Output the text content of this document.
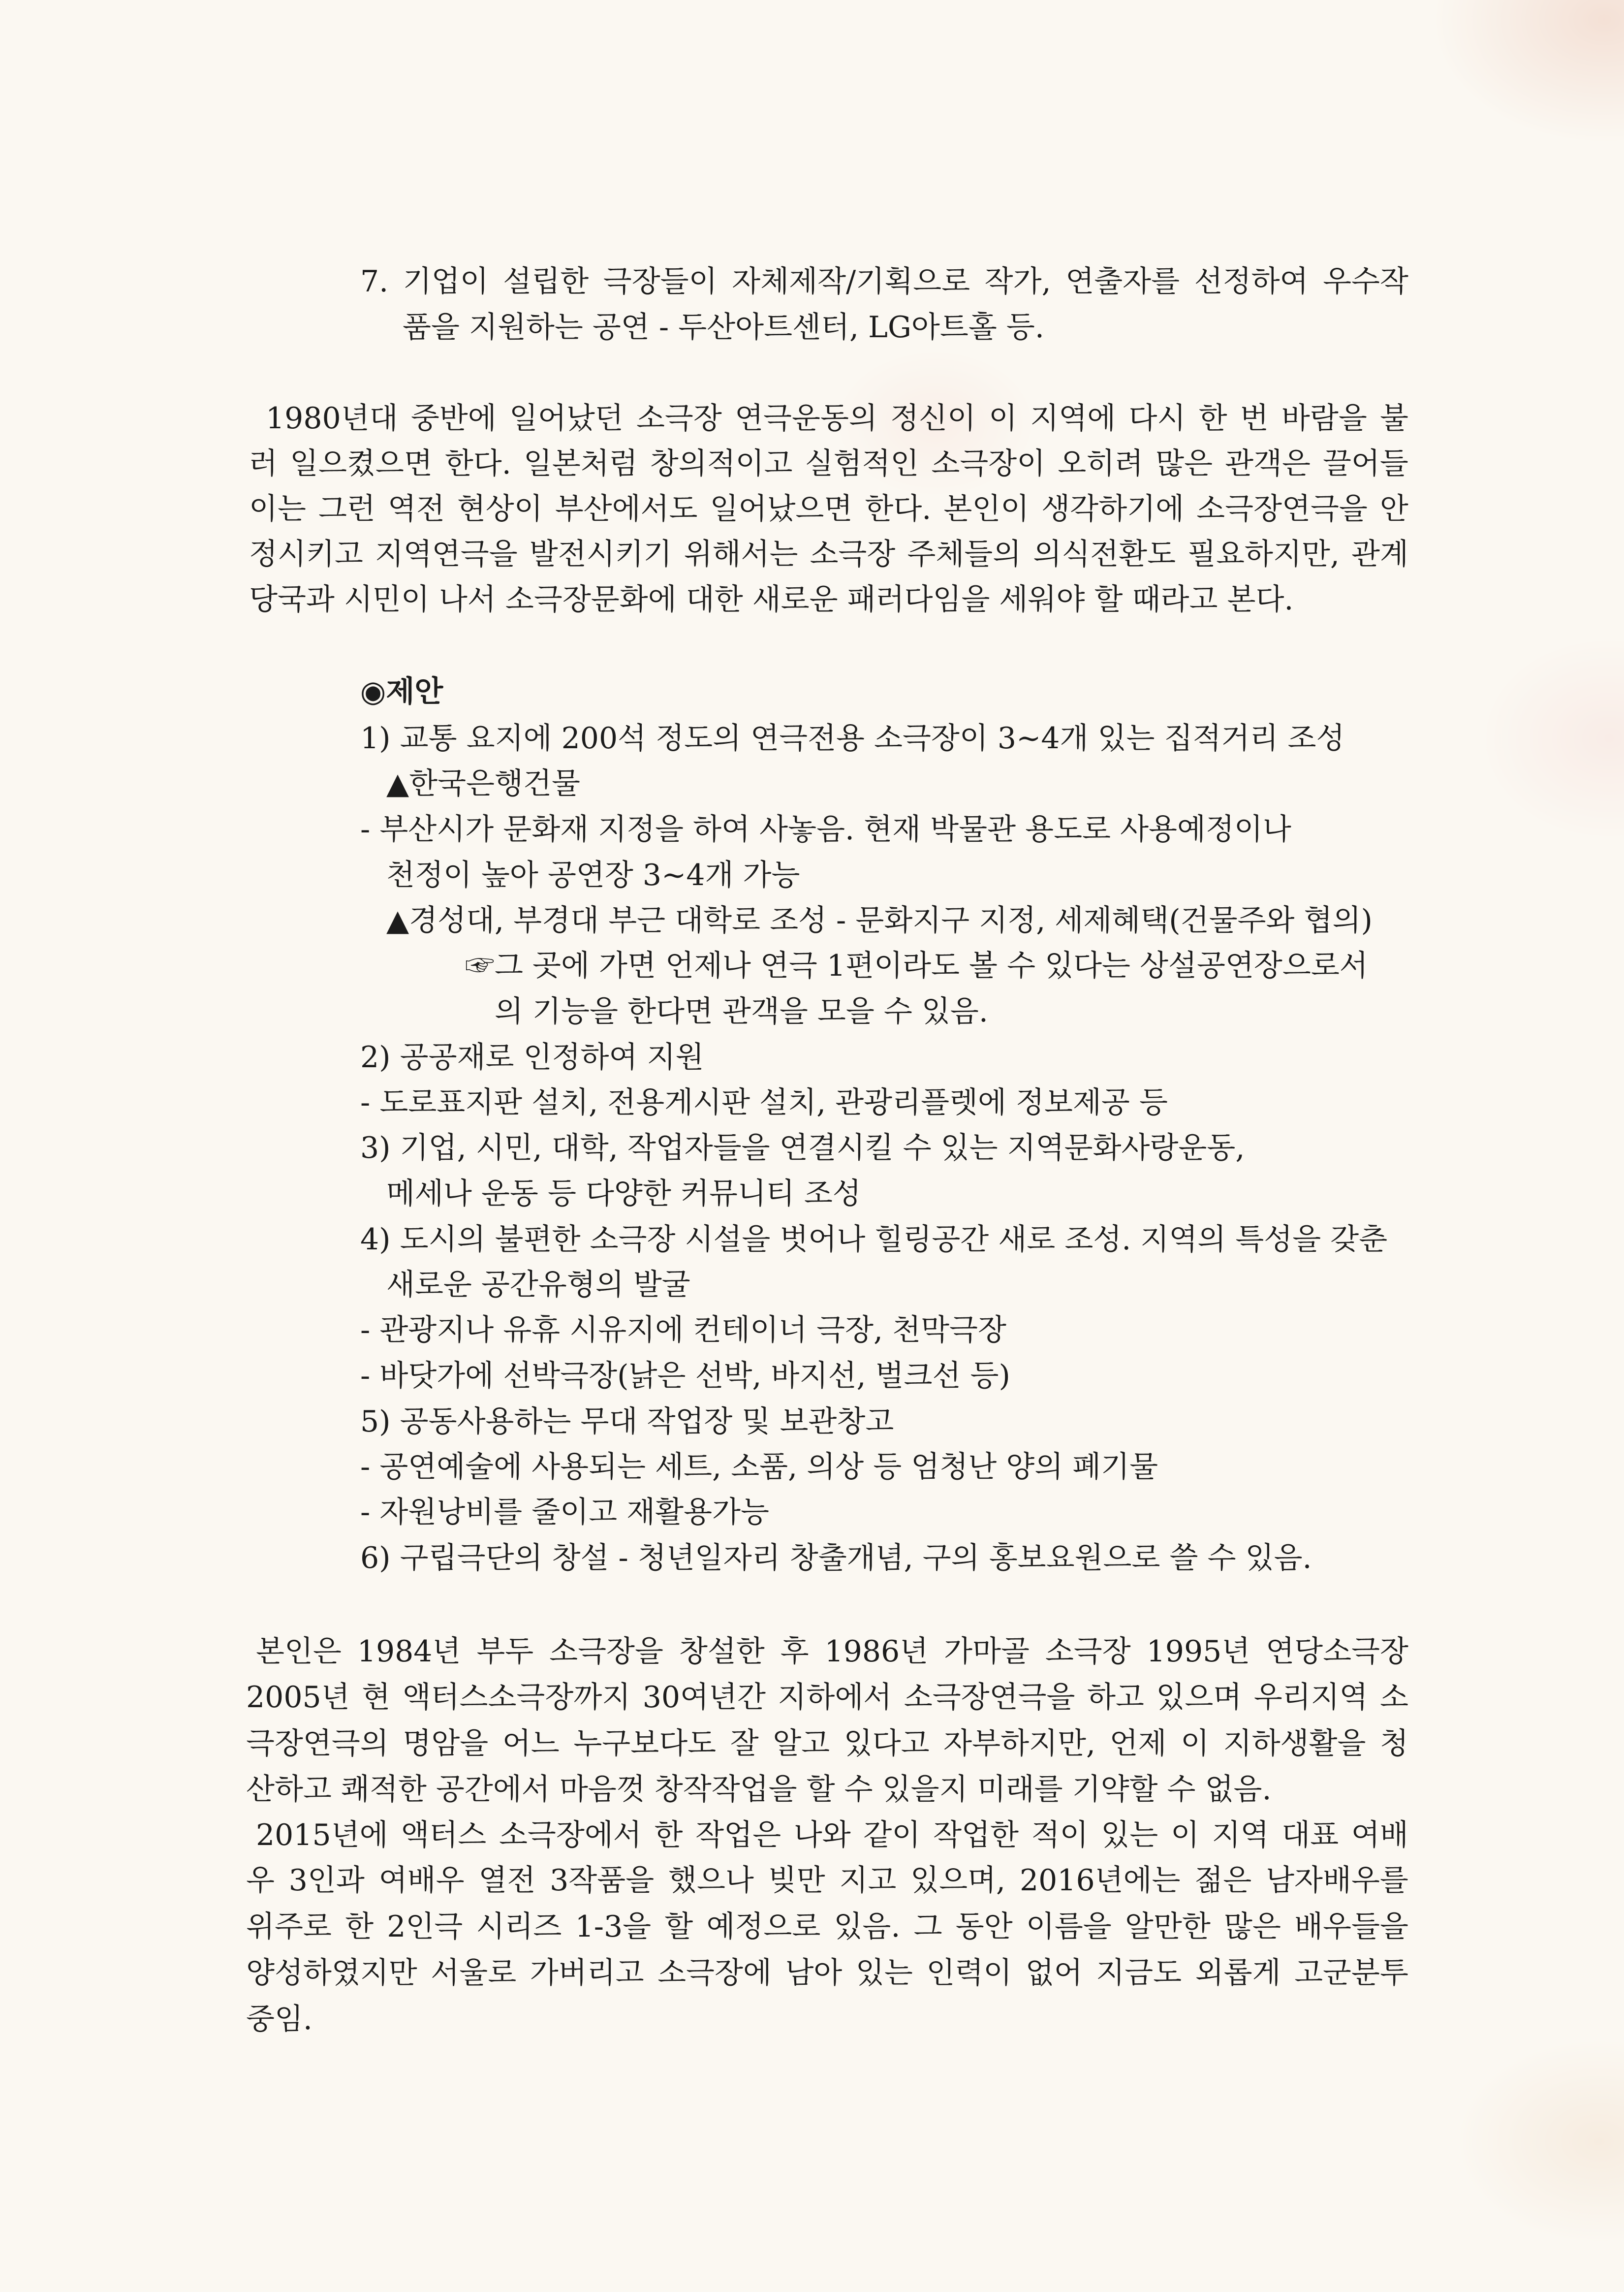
7. 기업이 설립한 극장들이 자체제작/기획으로 작가, 연출자를 선정하여 우수작
품을 지원하는 공연 - 두산아트센터, LG아트홀 등.
1980년대 중반에 일어났던 소극장 연극운동의 정신이 이 지역에 다시 한 번 바람을 불
러 일으켰으면 한다. 일본처럼 창의적이고 실험적인 소극장이 오히려 많은 관객은 끌어들
이는 그런 역전 현상이 부산에서도 일어났으면 한다. 본인이 생각하기에 소극장연극을 안
정시키고 지역연극을 발전시키기 위해서는 소극장 주체들의 의식전환도 필요하지만, 관계
당국과 시민이 나서 소극장문화에 대한 새로운 패러다임을 세워야 할 때라고 본다.
◉제안
1) 교통 요지에 200석 정도의 연극전용 소극장이 3~4개 있는 집적거리 조성
▲한국은행건물
- 부산시가 문화재 지정을 하여 사놓음. 현재 박물관 용도로 사용예정이나
천정이 높아 공연장 3~4개 가능
▲경성대, 부경대 부근 대학로 조성 - 문화지구 지정, 세제혜택(건물주와 협의)
☞그 곳에 가면 언제나 연극 1편이라도 볼 수 있다는 상설공연장으로서
의 기능을 한다면 관객을 모을 수 있음.
2) 공공재로 인정하여 지원
- 도로표지판 설치, 전용게시판 설치, 관광리플렛에 정보제공 등
3) 기업, 시민, 대학, 작업자들을 연결시킬 수 있는 지역문화사랑운동,
메세나 운동 등 다양한 커뮤니티 조성
4) 도시의 불편한 소극장 시설을 벗어나 힐링공간 새로 조성. 지역의 특성을 갖춘
새로운 공간유형의 발굴
- 관광지나 유휴 시유지에 컨테이너 극장, 천막극장
- 바닷가에 선박극장(낡은 선박, 바지선, 벌크선 등)
5) 공동사용하는 무대 작업장 및 보관창고
- 공연예술에 사용되는 세트, 소품, 의상 등 엄청난 양의 폐기물
- 자원낭비를 줄이고 재활용가능
6) 구립극단의 창설 - 청년일자리 창출개념, 구의 홍보요원으로 쓸 수 있음.
본인은 1984년 부두 소극장을 창설한 후 1986년 가마골 소극장 1995년 연당소극장
2005년 현 액터스소극장까지 30여년간 지하에서 소극장연극을 하고 있으며 우리지역 소
극장연극의 명암을 어느 누구보다도 잘 알고 있다고 자부하지만, 언제 이 지하생활을 청
산하고 쾌적한 공간에서 마음껏 창작작업을 할 수 있을지 미래를 기약할 수 없음.
2015년에 액터스 소극장에서 한 작업은 나와 같이 작업한 적이 있는 이 지역 대표 여배
우 3인과 여배우 열전 3작품을 했으나 빚만 지고 있으며, 2016년에는 젊은 남자배우를
위주로 한 2인극 시리즈 1-3을 할 예정으로 있음. 그 동안 이름을 알만한 많은 배우들을
양성하였지만 서울로 가버리고 소극장에 남아 있는 인력이 없어 지금도 외롭게 고군분투
중임.
